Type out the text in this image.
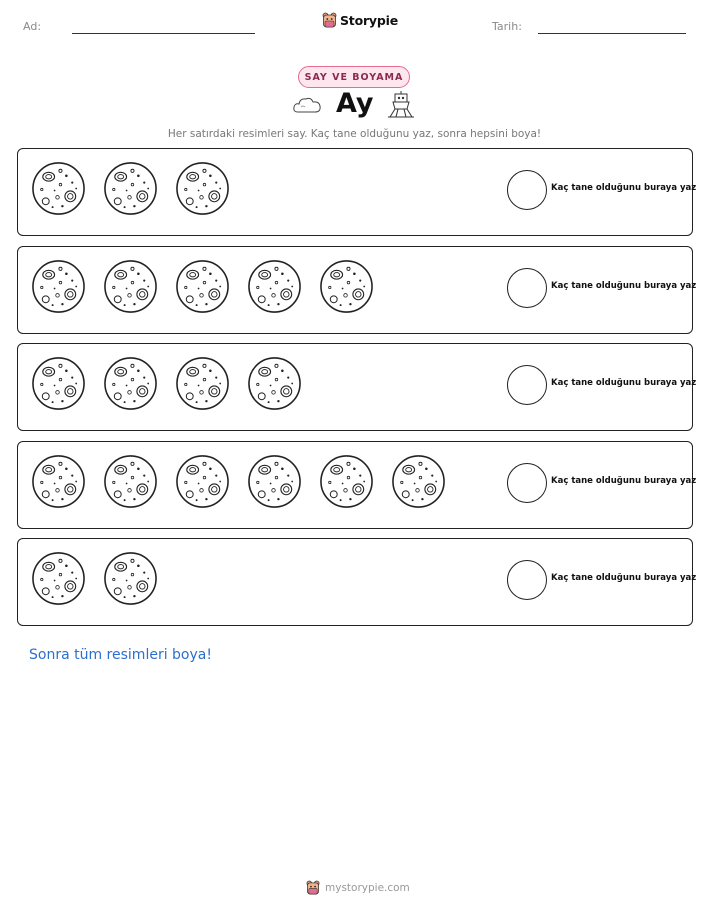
Ad:	Storypie	Tarih:
SAY VE BOYAMA
Ay
Her satırdaki resimleri say. Kaç tane olduğunu yaz, sonra hepsini boya!
Kaç tane olduğunu buraya yaz
Kaç tane olduğunu buraya yaz
Kaç tane olduğunu buraya yaz
Kaç tane olduğunu buraya yaz
Kaç tane olduğunu buraya yaz
Sonra tüm resimleri boya!
mystorypie.com
